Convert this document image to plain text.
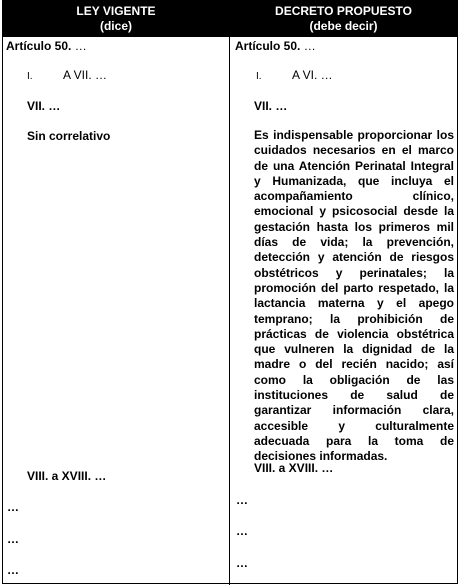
LEY VIGENTE
(dice)
DECRETO PROPUESTO
(debe decir)
Artículo 50. …
I.	A VII. …
VII. …
Sin correlativo
VIII. a XVIII. …
…
…
…
Artículo 50. …
I.	A VI. …
VII. …
Es indispensable proporcionar los cuidados necesarios en el marco de una Atención Perinatal Integral y Humanizada, que incluya el acompañamiento clínico, emocional y psicosocial desde la gestación hasta los primeros mil días de vida; la prevención, detección y atención de riesgos obstétricos y perinatales; la promoción del parto respetado, la lactancia materna y el apego temprano; la prohibición de prácticas de violencia obstétrica que vulneren la dignidad de la madre o del recién nacido; así como la obligación de las instituciones de salud de garantizar información clara, accesible y culturalmente adecuada para la toma de decisiones informadas.
VIII. a XVIII. …
…
…
…
